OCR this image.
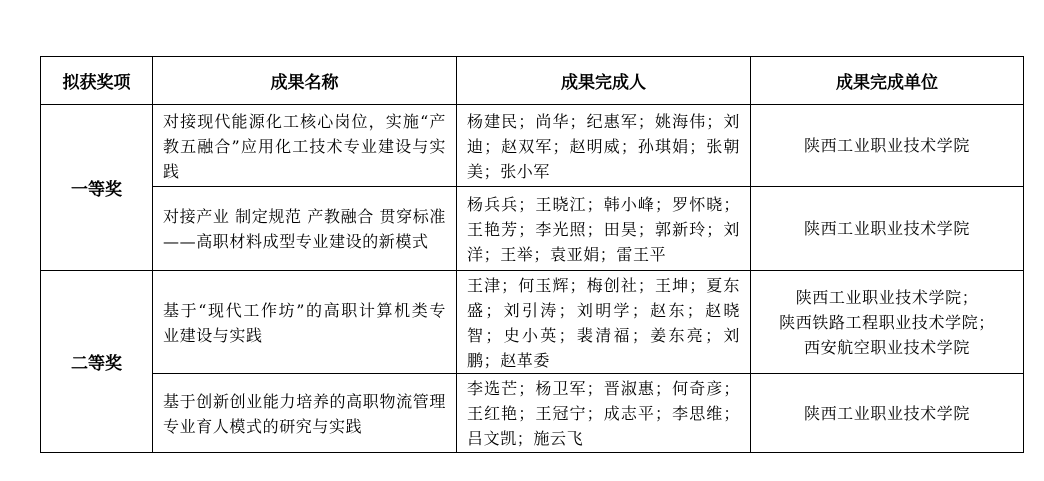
拟获奖项	成果名称	成果完成人	成果完成单位
一等奖	对接现代能源化工核心岗位，实施“产教五融合”应用化工技术专业建设与实践	杨建民；尚华；纪惠军；姚海伟；刘迪；赵双军；赵明威；孙琪娟；张朝美；张小军	陕西工业职业技术学院
	对接产业 制定规范 产教融合 贯穿标准——高职材料成型专业建设的新模式	杨兵兵；王晓江；韩小峰；罗怀晓；王艳芳；李光照；田昊；郭新玲；刘洋；王举；袁亚娟；雷王平	陕西工业职业技术学院
二等奖	基于“现代工作坊”的高职计算机类专业建设与实践	王津；何玉辉；梅创社；王坤；夏东盛；刘引涛；刘明学；赵东；赵晓智；史小英；裴清福；姜东亮；刘鹏；赵革委	陕西工业职业技术学院；
陕西铁路工程职业技术学院；
西安航空职业技术学院

	基于创新创业能力培养的高职物流管理专业育人模式的研究与实践	李选芒；杨卫军；晋淑惠；何奇彦；王红艳；王冠宁；成志平；李思维；吕文凯；施云飞	陕西工业职业技术学院
